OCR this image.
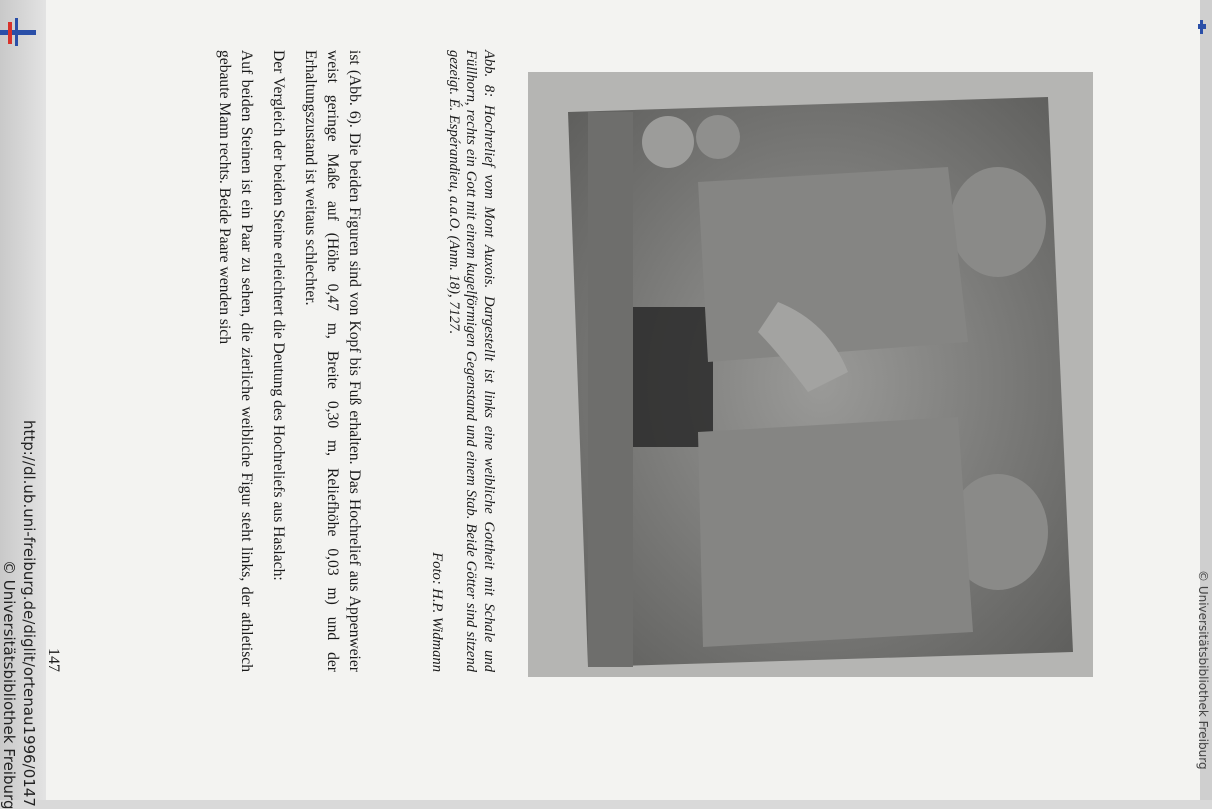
http://dl.ub.uni-freiburg.de/diglit/ortenau1996/0147
© Universitätsbibliothek Freiburg	© Universitätsbibliothek Freiburg

Abb. 8: Hochrelief vom Mont Auxois. Dargestellt ist links eine weibliche Gottheit mit Schale und Füllhorn, rechts ein Gott mit einem kugelförmigen Gegenstand und einem Stab. Beide Götter sind sitzend gezeigt. É. Espérandieu, a.a.O. (Anm. 18), 7127.

Foto: H.P. Widmann

ist (Abb. 6). Die beiden Figuren sind von Kopf bis Fuß erhalten. Das Hochrelief aus Appenweier weist geringe Maße auf (Höhe 0,47 m, Breite 0,30 m, Reliefhöhe 0,03 m) und der Erhaltungszustand ist weitaus schlechter.

Der Vergleich der beiden Steine erleichtert die Deutung des Hochreliefs aus Haslach:

Auf beiden Steinen ist ein Paar zu sehen, die zierliche weibliche Figur steht links, der athletisch gebaute Mann rechts. Beide Paare wenden sich

147
